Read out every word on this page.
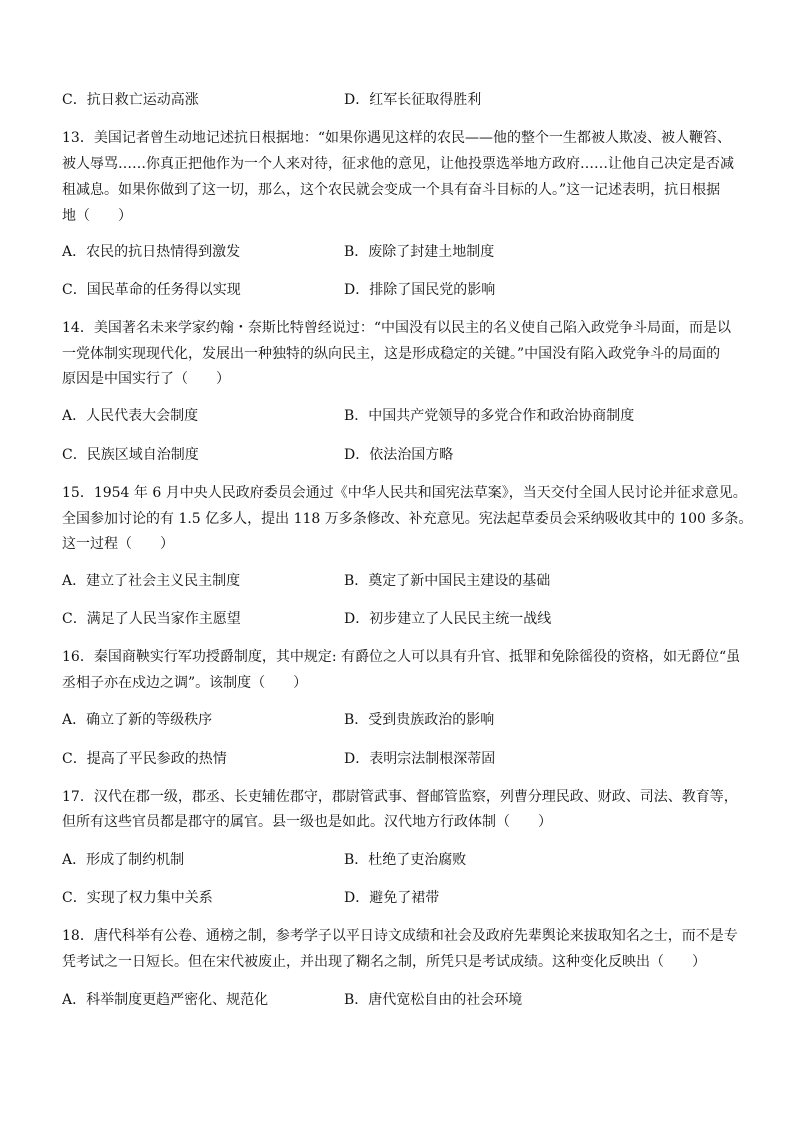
C．抗日救亡运动高涨	D．红军长征取得胜利
13．美国记者曾生动地记述抗日根据地：“如果你遇见这样的农民——他的整个一生都被人欺凌、被人鞭笞、
被人辱骂……你真正把他作为一个人来对待，征求他的意见，让他投票选举地方政府……让他自己决定是否减
租减息。如果你做到了这一切，那么，这个农民就会变成一个具有奋斗目标的人。”这一记述表明，抗日根据
地（　　）
A．农民的抗日热情得到激发	B．废除了封建土地制度
C．国民革命的任务得以实现	D．排除了国民党的影响
14．美国著名未来学家约翰・奈斯比特曾经说过：“中国没有以民主的名义使自己陷入政党争斗局面，而是以
一党体制实现现代化，发展出一种独特的纵向民主，这是形成稳定的关键。”中国没有陷入政党争斗的局面的
原因是中国实行了（　　）
A．人民代表大会制度	B．中国共产党领导的多党合作和政治协商制度
C．民族区域自治制度	D．依法治国方略
15．1954 年 6 月中央人民政府委员会通过《中华人民共和国宪法草案》，当天交付全国人民讨论并征求意见。
全国参加讨论的有 1.5 亿多人，提出 118 万多条修改、补充意见。宪法起草委员会采纳吸收其中的 100 多条。
这一过程（　　）
A．建立了社会主义民主制度	B．奠定了新中国民主建设的基础
C．满足了人民当家作主愿望	D．初步建立了人民民主统一战线
16．秦国商鞅实行军功授爵制度，其中规定: 有爵位之人可以具有升官、抵罪和免除徭役的资格，如无爵位“虽
丞相子亦在戍边之调”。该制度（　　）
A．确立了新的等级秩序	B．受到贵族政治的影响
C．提高了平民参政的热情	D．表明宗法制根深蒂固
17．汉代在郡一级，郡丞、长吏辅佐郡守，郡尉管武事、督邮管监察，列曹分理民政、财政、司法、教育等，
但所有这些官员都是郡守的属官。县一级也是如此。汉代地方行政体制（　　）
A．形成了制约机制	B．杜绝了吏治腐败
C．实现了权力集中关系	D．避免了裙带
18．唐代科举有公卷、通榜之制，参考学子以平日诗文成绩和社会及政府先辈舆论来拔取知名之士，而不是专
凭考试之一日短长。但在宋代被废止，并出现了糊名之制，所凭只是考试成绩。这种变化反映出（　　）
A．科举制度更趋严密化、规范化	B．唐代宽松自由的社会环境
